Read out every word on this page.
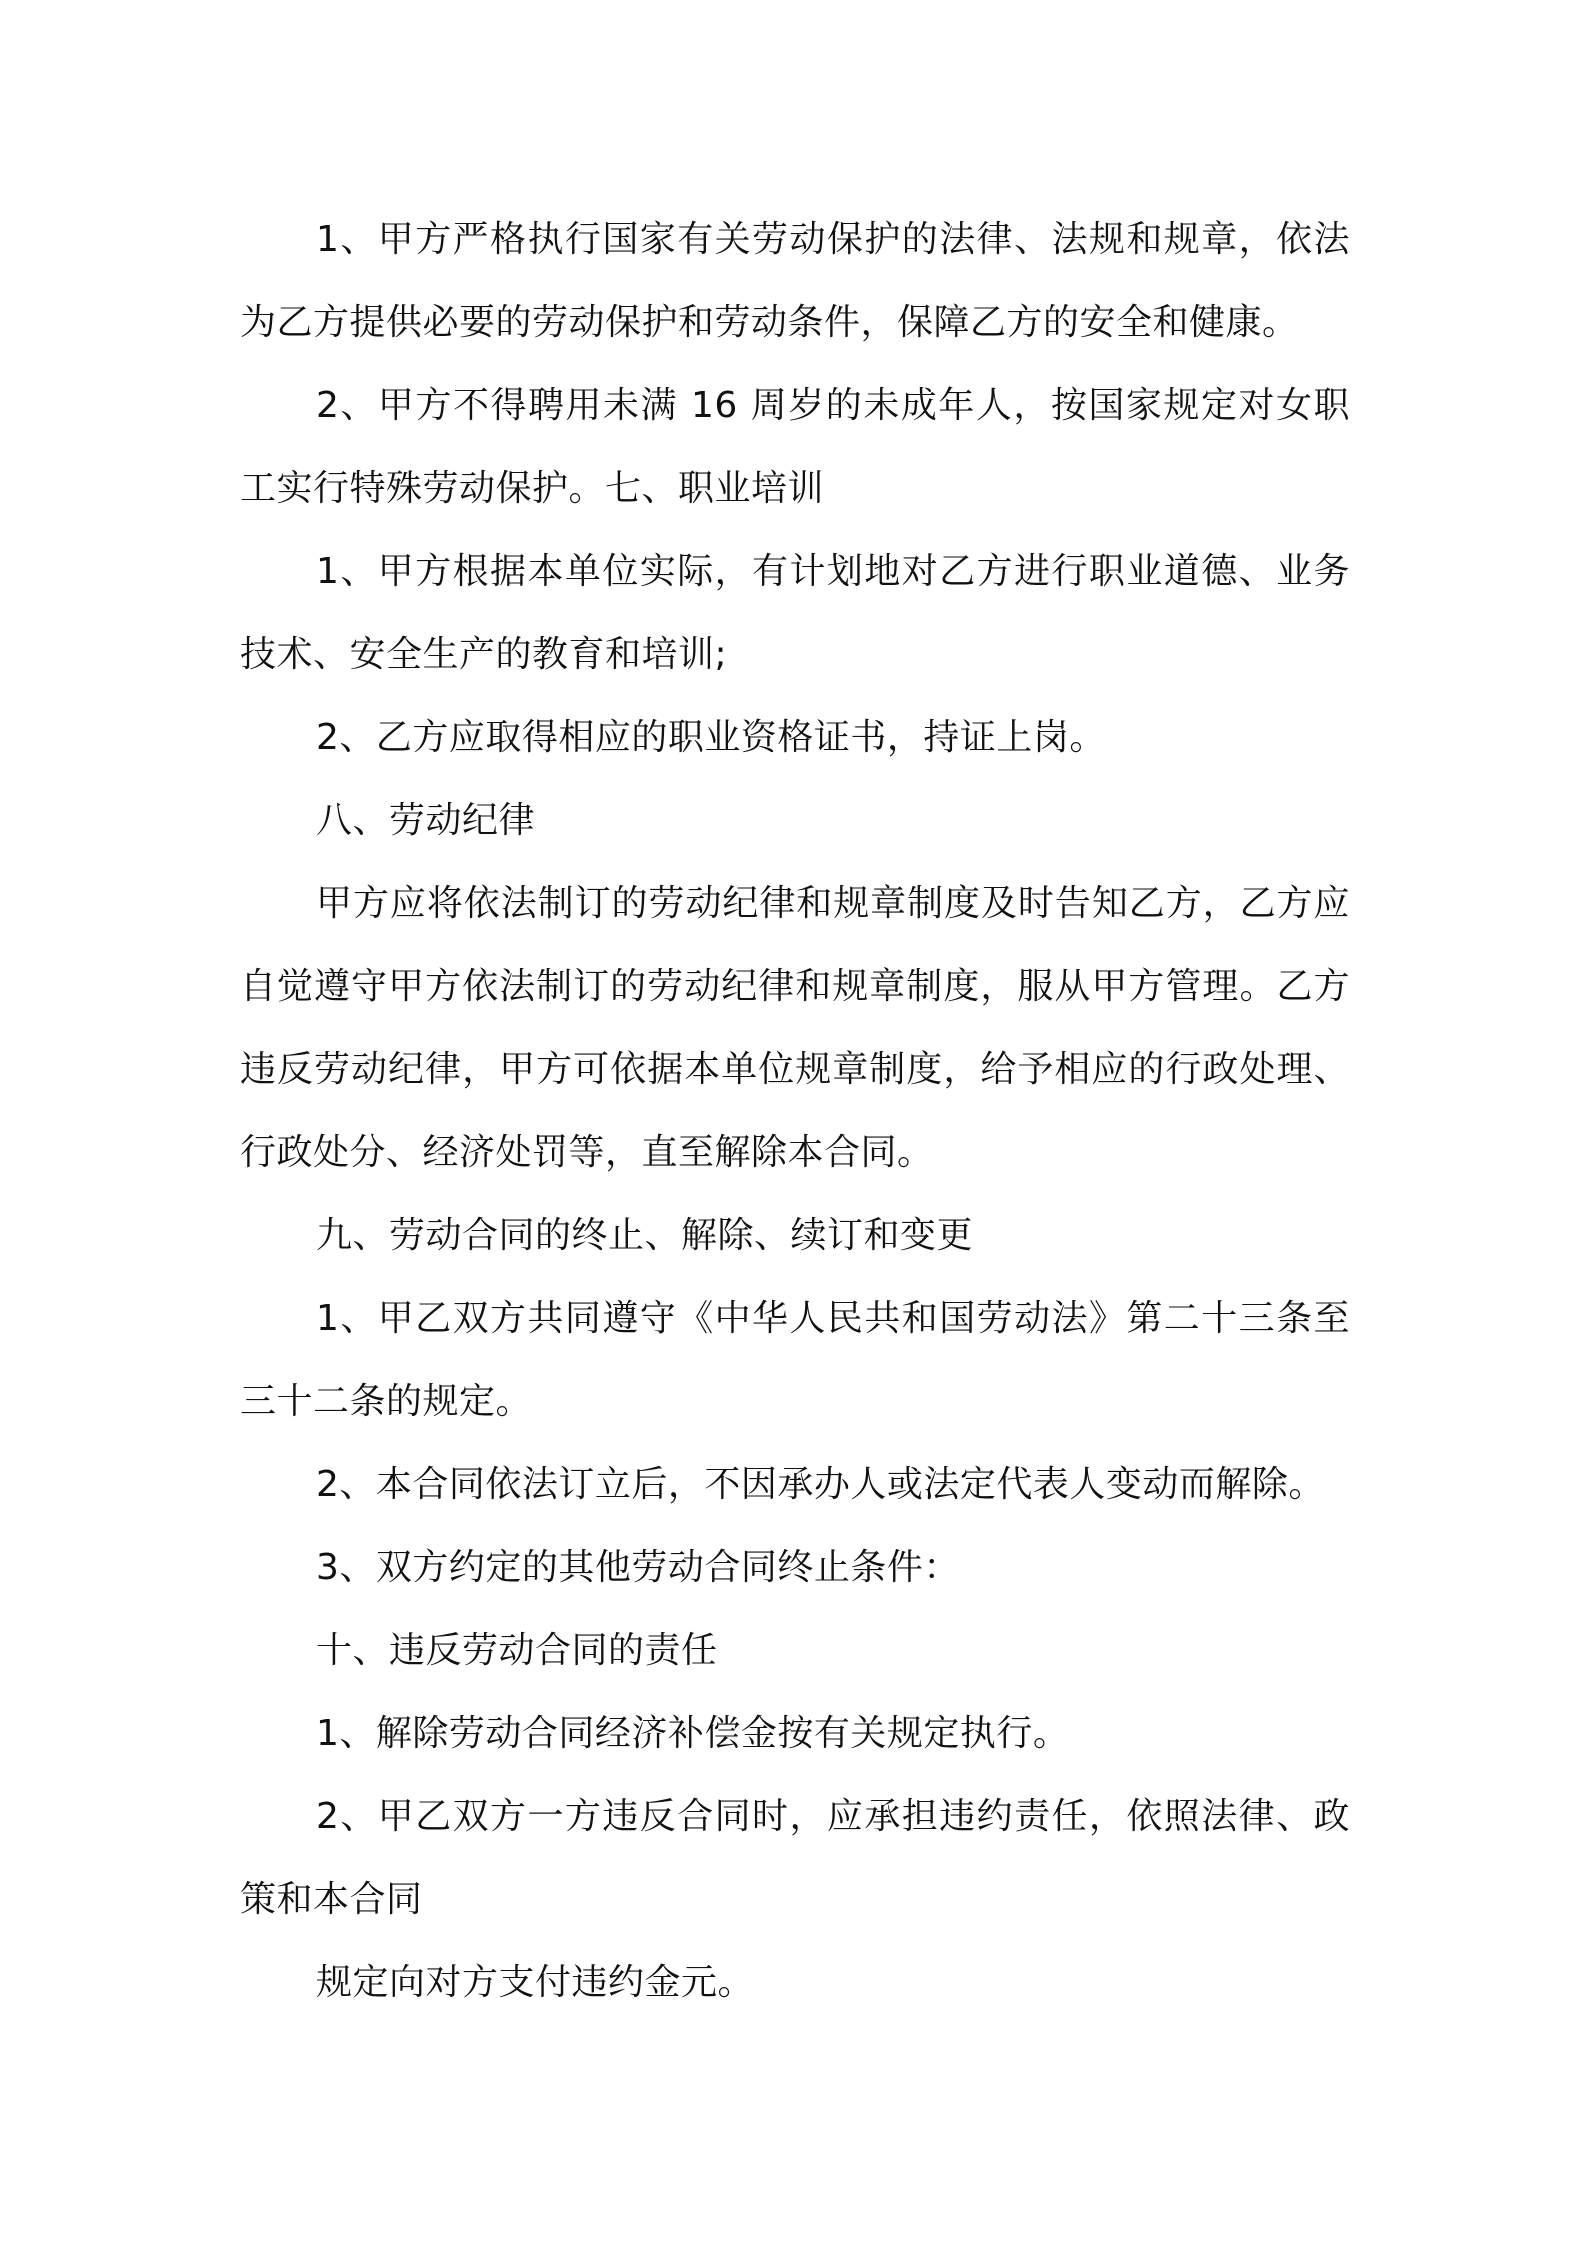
1、甲方严格执行国家有关劳动保护的法律、法规和规章，依法为乙方提供必要的劳动保护和劳动条件，保障乙方的安全和健康。

2、甲方不得聘用未满 16 周岁的未成年人，按国家规定对女职工实行特殊劳动保护。七、职业培训

1、甲方根据本单位实际，有计划地对乙方进行职业道德、业务技术、安全生产的教育和培训;

2、乙方应取得相应的职业资格证书，持证上岗。

八、劳动纪律

甲方应将依法制订的劳动纪律和规章制度及时告知乙方，乙方应自觉遵守甲方依法制订的劳动纪律和规章制度，服从甲方管理。乙方违反劳动纪律，甲方可依据本单位规章制度，给予相应的行政处理、行政处分、经济处罚等，直至解除本合同。

九、劳动合同的终止、解除、续订和变更

1、甲乙双方共同遵守《中华人民共和国劳动法》第二十三条至三十二条的规定。

2、本合同依法订立后，不因承办人或法定代表人变动而解除。

3、双方约定的其他劳动合同终止条件：

十、违反劳动合同的责任

1、解除劳动合同经济补偿金按有关规定执行。

2、甲乙双方一方违反合同时，应承担违约责任，依照法律、政策和本合同

规定向对方支付违约金元。
